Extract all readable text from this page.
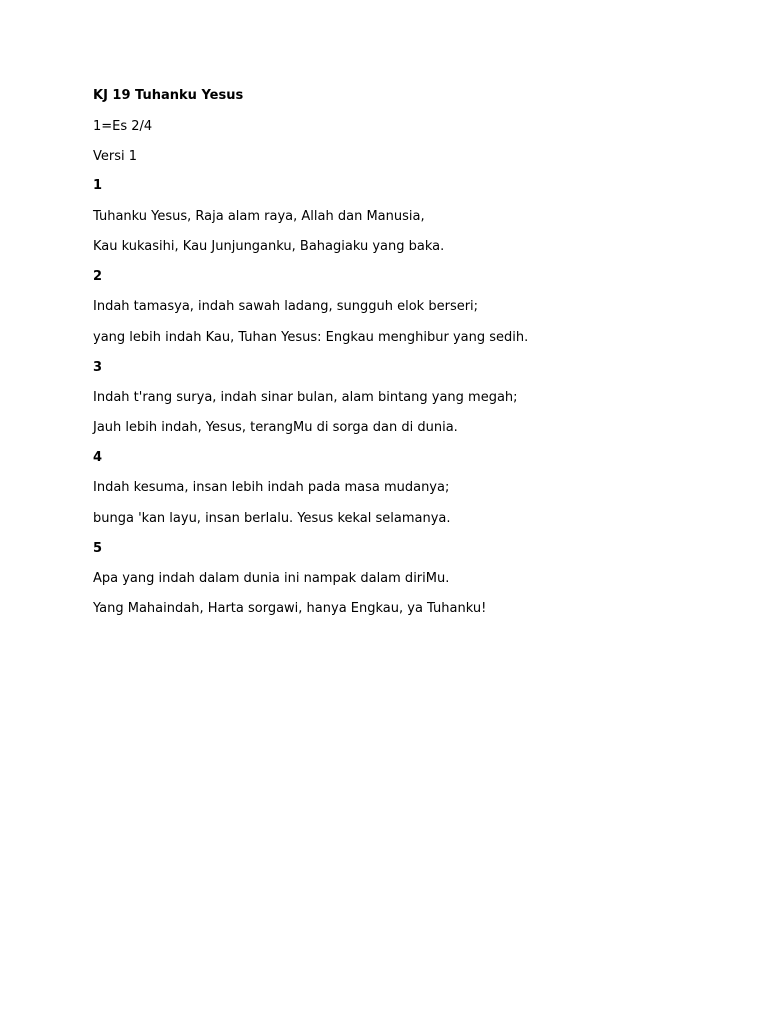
KJ 19 Tuhanku Yesus
1=Es 2/4
Versi 1
1
Tuhanku Yesus, Raja alam raya, Allah dan Manusia,
Kau kukasihi, Kau Junjunganku, Bahagiaku yang baka.
2
Indah tamasya, indah sawah ladang, sungguh elok berseri;
yang lebih indah Kau, Tuhan Yesus: Engkau menghibur yang sedih.
3
Indah t'rang surya, indah sinar bulan, alam bintang yang megah;
Jauh lebih indah, Yesus, terangMu di sorga dan di dunia.
4
Indah kesuma, insan lebih indah pada masa mudanya;
bunga 'kan layu, insan berlalu. Yesus kekal selamanya.
5
Apa yang indah dalam dunia ini nampak dalam diriMu.
Yang Mahaindah, Harta sorgawi, hanya Engkau, ya Tuhanku!
